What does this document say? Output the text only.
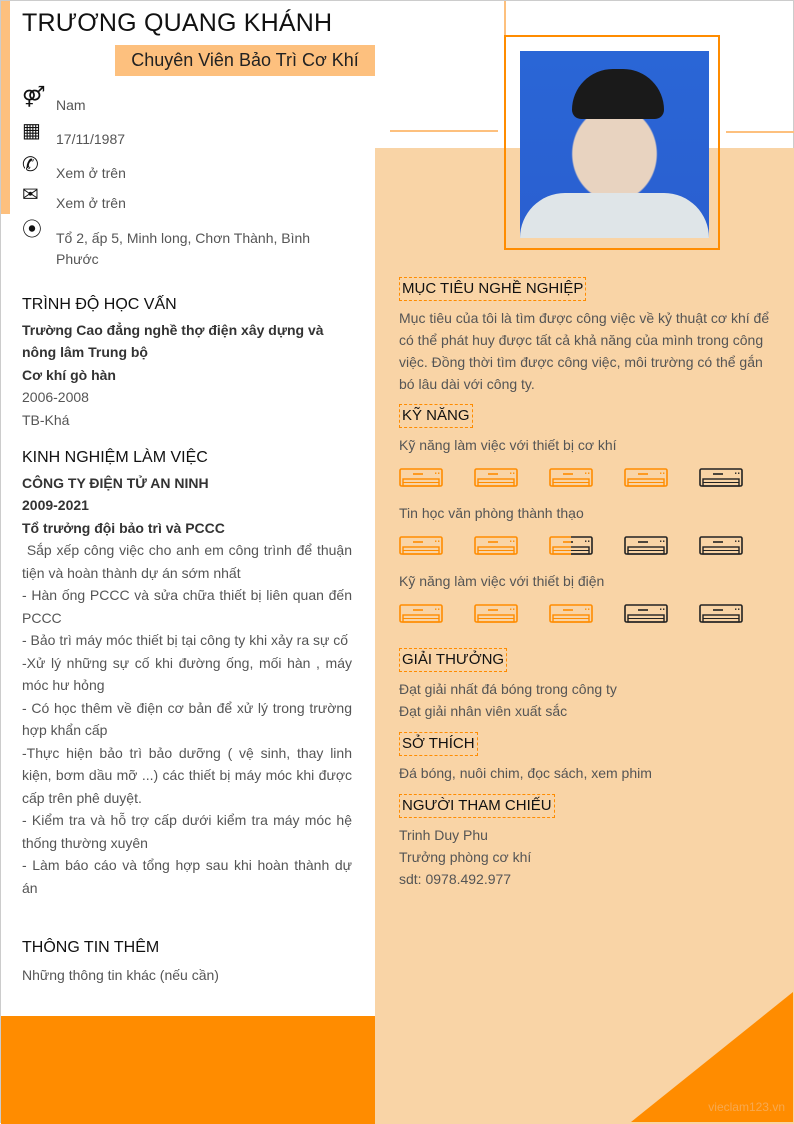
vieclam123.vn
TRƯƠNG QUANG KHÁNH
Chuyên Viên Bảo Trì Cơ Khí
⚤ Nam
▦	17/11/1987
✆	Xem ở trên
✉	Xem ở trên
⦿	Tổ 2, ấp 5, Minh long, Chơn Thành, Bình Phước
TRÌNH ĐỘ HỌC VẤN
Trường Cao đẳng nghề thợ điện xây dựng và nông lâm Trung bộ
Cơ khí gò hàn
2006-2008
TB-Khá
KINH NGHIỆM LÀM VIỆC
CÔNG TY ĐIỆN TỬ AN NINH
2009-2021
Tổ trưởng đội bảo trì và PCCC
Sắp xếp công việc cho anh em công trình để thuận tiện và hoàn thành dự án sớm nhất
- Hàn ống PCCC và sửa chữa thiết bị liên quan đến PCCC
- Bảo trì máy móc thiết bị tại công ty khi xảy ra sự cố
-Xử lý những sự cố khi đường ống, mối hàn , máy móc hư hỏng
- Có học thêm về điện cơ bản để xử lý trong trường hợp khẩn cấp
-Thực hiện bảo trì bảo dưỡng ( vệ sinh, thay linh kiện, bơm dầu mỡ ...) các thiết bị máy móc khi được cấp trên phê duyệt.
- Kiểm tra và hỗ trợ cấp dưới kiểm tra máy móc hệ thống thường xuyên
- Làm báo cáo và tổng hợp sau khi hoàn thành dự án
THÔNG TIN THÊM
Những thông tin khác (nếu cần)
MỤC TIÊU NGHỀ NGHIỆP
Mục tiêu của tôi là tìm được công việc về kỷ thuật cơ khí để có thể phát huy được tất cả khả năng của mình trong công việc. Đồng thời tìm được công việc, môi trường có thể gắn bó lâu dài với công ty.
KỸ NĂNG
Kỹ năng làm việc với thiết bị cơ khí
Tin học văn phòng thành thạo
Kỹ năng làm việc với thiết bị điện
GIẢI THƯỞNG
Đạt giải nhất đá bóng trong công ty
Đạt giải nhân viên xuất sắc
SỞ THÍCH
Đá bóng, nuôi chim, đọc sách, xem phim
NGƯỜI THAM CHIẾU
Trinh Duy Phu
Trưởng phòng cơ khí
sdt: 0978.492.977
